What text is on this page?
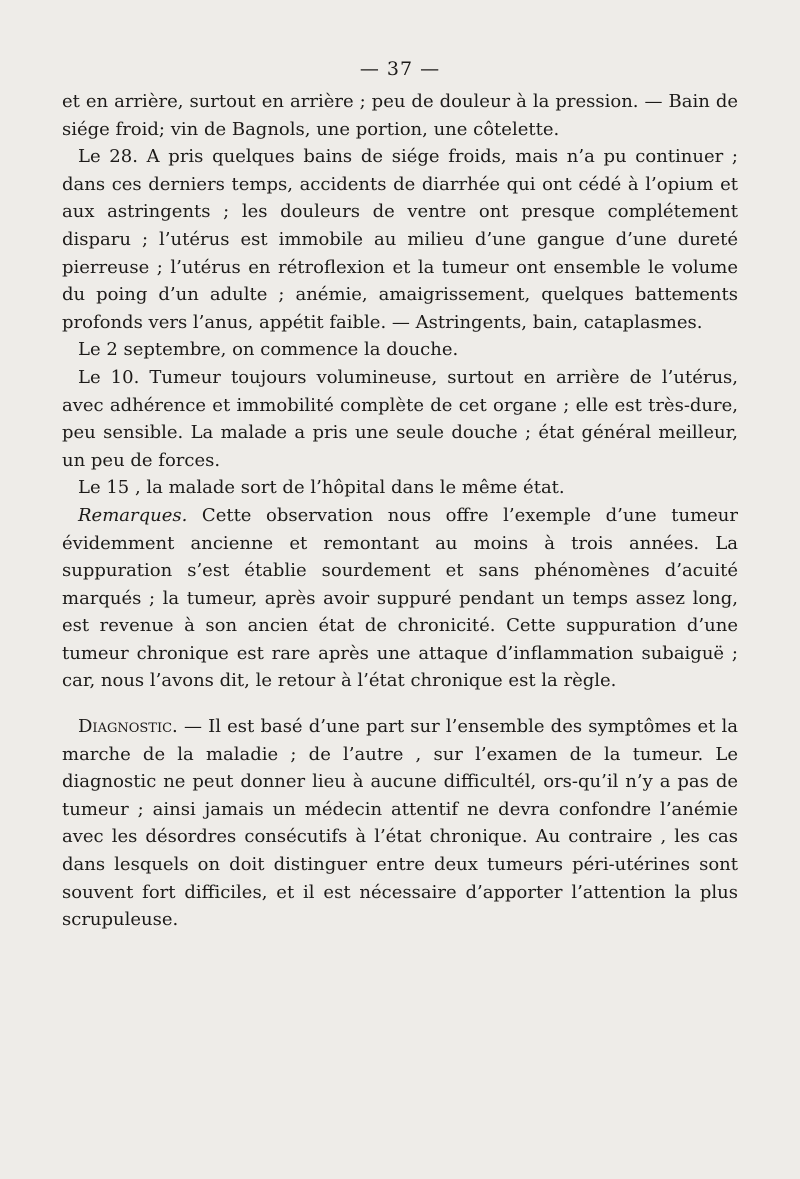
— 37 —

et en arrière, surtout en arrière ; peu de douleur à la pression. — Bain de siége froid; vin de Bagnols, une portion, une côtelette.

Le 28. A pris quelques bains de siége froids, mais n’a pu continuer ; dans ces derniers temps, accidents de diarrhée qui ont cédé à l’opium et aux astringents ; les douleurs de ventre ont presque complétement disparu ; l’utérus est immobile au milieu d’une gangue d’une dureté pierreuse ; l’utérus en rétroflexion et la tumeur ont ensemble le volume du poing d’un adulte ; anémie, amaigrissement, quelques battements profonds vers l’anus, appétit faible. — Astringents, bain, cataplasmes.

Le 2 septembre, on commence la douche.

Le 10. Tumeur toujours volumineuse, surtout en arrière de l’utérus, avec adhérence et immobilité complète de cet organe ; elle est très-dure, peu sensible. La malade a pris une seule douche ; état général meilleur, un peu de forces.

Le 15 , la malade sort de l’hôpital dans le même état.

Remarques. Cette observation nous offre l’exemple d’une tumeur évidemment ancienne et remontant au moins à trois années. La suppuration s’est établie sourdement et sans phénomènes d’acuité marqués ; la tumeur, après avoir suppuré pendant un temps assez long, est revenue à son ancien état de chronicité. Cette suppuration d’une tumeur chronique est rare après une attaque d’inflammation subaiguë ; car, nous l’avons dit, le retour à l’état chronique est la règle.

Diagnostic. — Il est basé d’une part sur l’ensemble des symptômes et la marche de la maladie ; de l’autre , sur l’examen de la tumeur. Le diagnostic ne peut donner lieu à aucune difficultél, ors-qu’il n’y a pas de tumeur ; ainsi jamais un médecin attentif ne devra confondre l’anémie avec les désordres consécutifs à l’état chronique. Au contraire , les cas dans lesquels on doit distinguer entre deux tumeurs péri-utérines sont souvent fort difficiles, et il est nécessaire d’apporter l’attention la plus scrupuleuse.
